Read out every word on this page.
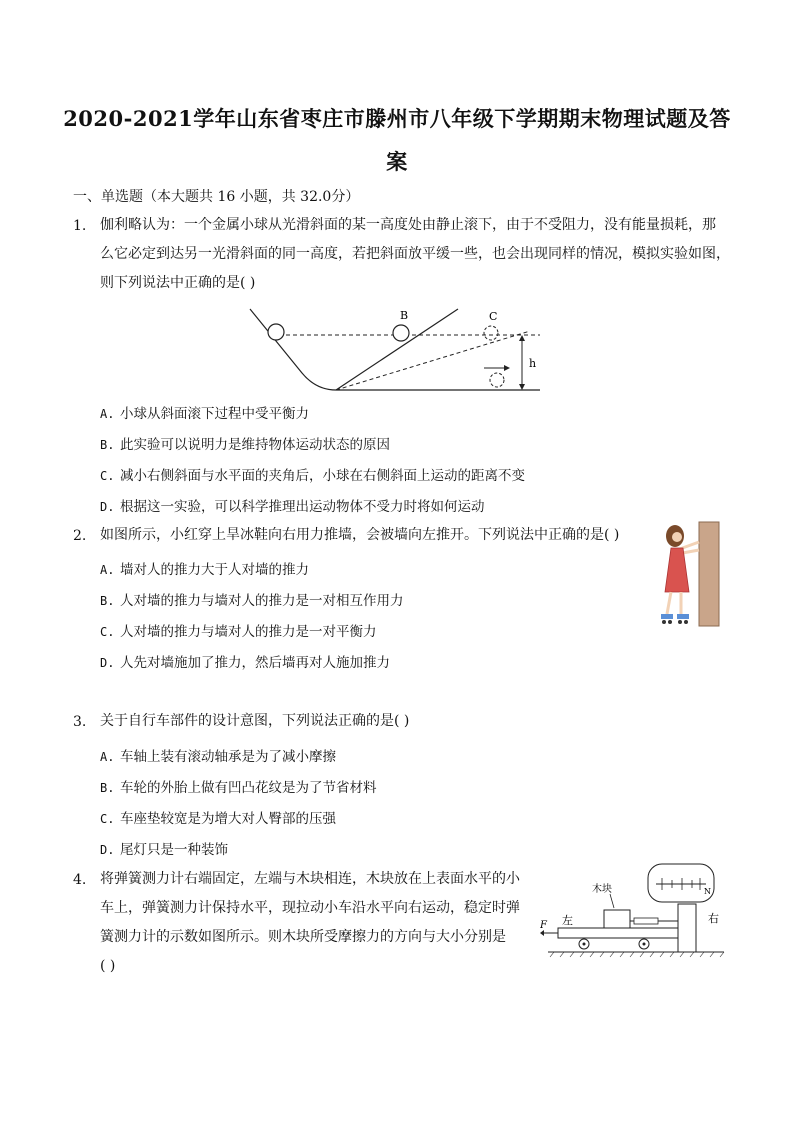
2020-2021学年山东省枣庄市滕州市八年级下学期期末物理试题及答
案
一、单选题（本大题共 16 小题，共 32.0分）
1. 伽利略认为：一个金属小球从光滑斜面的某一高度处由静止滚下，由于不受阻力，没有能量损耗，那
么它必定到达另一光滑斜面的同一高度，若把斜面放平缓一些，也会出现同样的情况，模拟实验如图，
则下列说法中正确的是( )
B	C
h
A. 小球从斜面滚下过程中受平衡力
B. 此实验可以说明力是维持物体运动状态的原因
C. 减小右侧斜面与水平面的夹角后，小球在右侧斜面上运动的距离不变
D. 根据这一实验，可以科学推理出运动物体不受力时将如何运动
2. 如图所示，小红穿上旱冰鞋向右用力推墙，会被墙向左推开。下列说法中正确的是( )
A. 墙对人的推力大于人对墙的推力
B. 人对墙的推力与墙对人的推力是一对相互作用力
C. 人对墙的推力与墙对人的推力是一对平衡力
D. 人先对墙施加了推力，然后墙再对人施加推力
3. 关于自行车部件的设计意图，下列说法正确的是( )
A. 车轴上装有滚动轴承是为了减小摩擦
B. 车轮的外胎上做有凹凸花纹是为了节省材料
C. 车座垫较宽是为增大对人臀部的压强
D. 尾灯只是一种装饰
4. 将弹簧测力计右端固定，左端与木块相连，木块放在上表面水平的小
车上，弹簧测力计保持水平，现拉动小车沿水平向右运动，稳定时弹
簧测力计的示数如图所示。则木块所受摩擦力的方向与大小分别是
( )
N
木块
F 左	右
